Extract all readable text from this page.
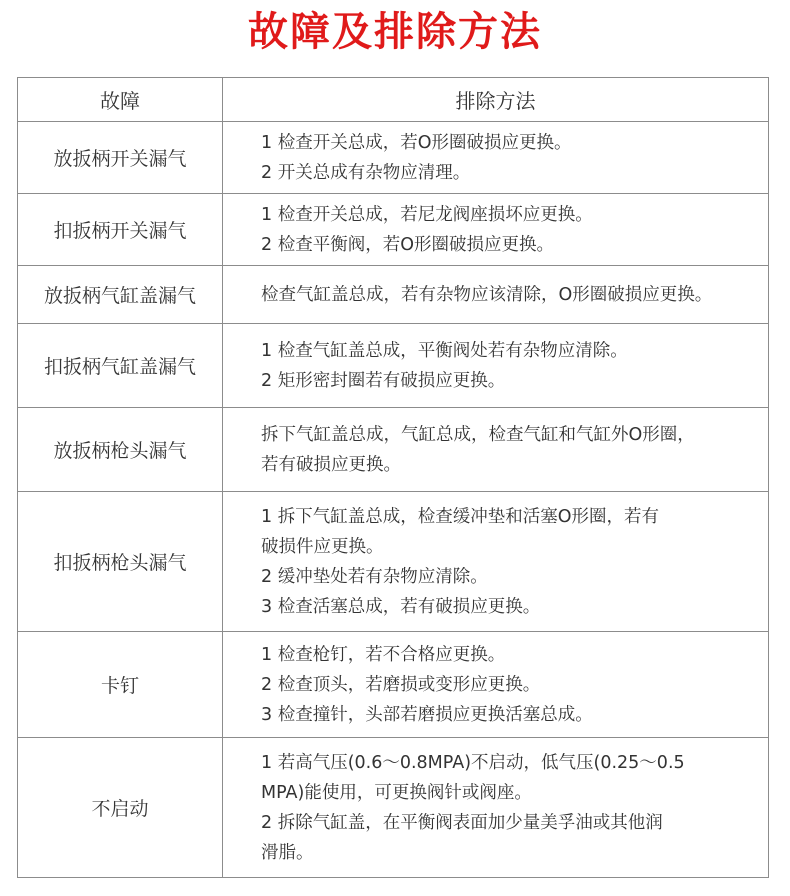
故障及排除方法
故障	排除方法
放扳柄开关漏气	1 检查开关总成，若O形圈破损应更换。
2 开关总成有杂物应清理。

扣扳柄开关漏气	1 检查开关总成，若尼龙阀座损坏应更换。
2 检查平衡阀，若O形圈破损应更换。

放扳柄气缸盖漏气	检查气缸盖总成，若有杂物应该清除，O形圈破损应更换。

扣扳柄气缸盖漏气	1 检查气缸盖总成，平衡阀处若有杂物应清除。
2 矩形密封圈若有破损应更换。

放扳柄枪头漏气	拆下气缸盖总成，气缸总成，检查气缸和气缸外O形圈，
若有破损应更换。

扣扳柄枪头漏气	1 拆下气缸盖总成，检查缓冲垫和活塞O形圈，若有
破损件应更换。
2 缓冲垫处若有杂物应清除。
3 检查活塞总成，若有破损应更换。

卡钉	1 检查枪钉，若不合格应更换。
2 检查顶头，若磨损或变形应更换。
3 检查撞针，头部若磨损应更换活塞总成。

不启动	1 若高气压(0.6～0.8MPA)不启动，低气压(0.25～0.5
MPA)能使用，可更换阀针或阀座。
2 拆除气缸盖，在平衡阀表面加少量美孚油或其他润
滑脂。
